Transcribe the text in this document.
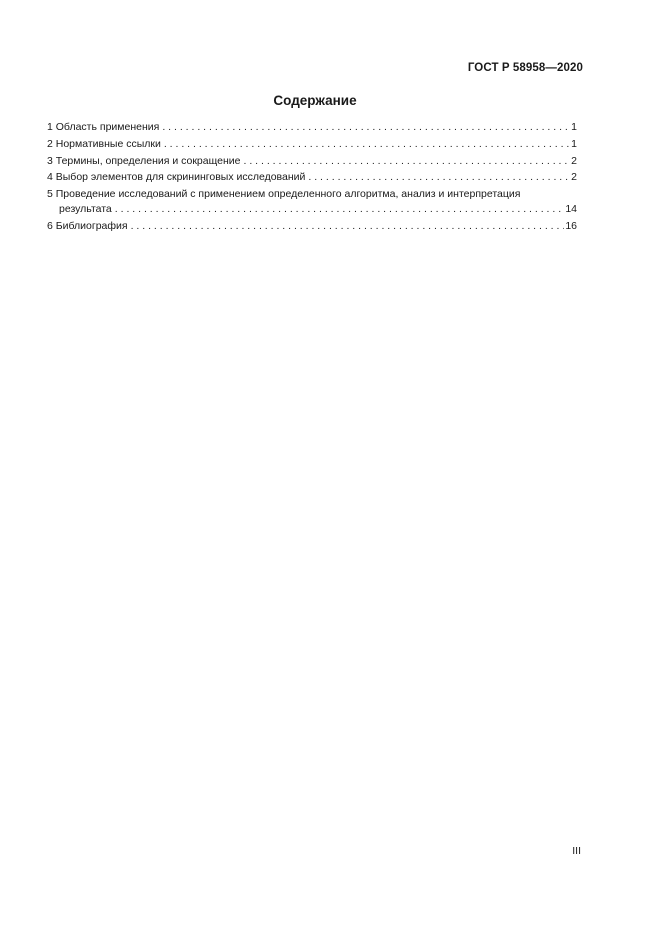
ГОСТ Р 58958—2020
Содержание
1 Область применения . . .	1
2 Нормативные ссылки . . .	1
3 Термины, определения и сокращение . . .	2
4 Выбор элементов для скрининговых исследований . . .	2
5 Проведение исследований с применением определенного алгоритма, анализ и интерпретация
результата . . .	14
6 Библиография . . .	16
III
